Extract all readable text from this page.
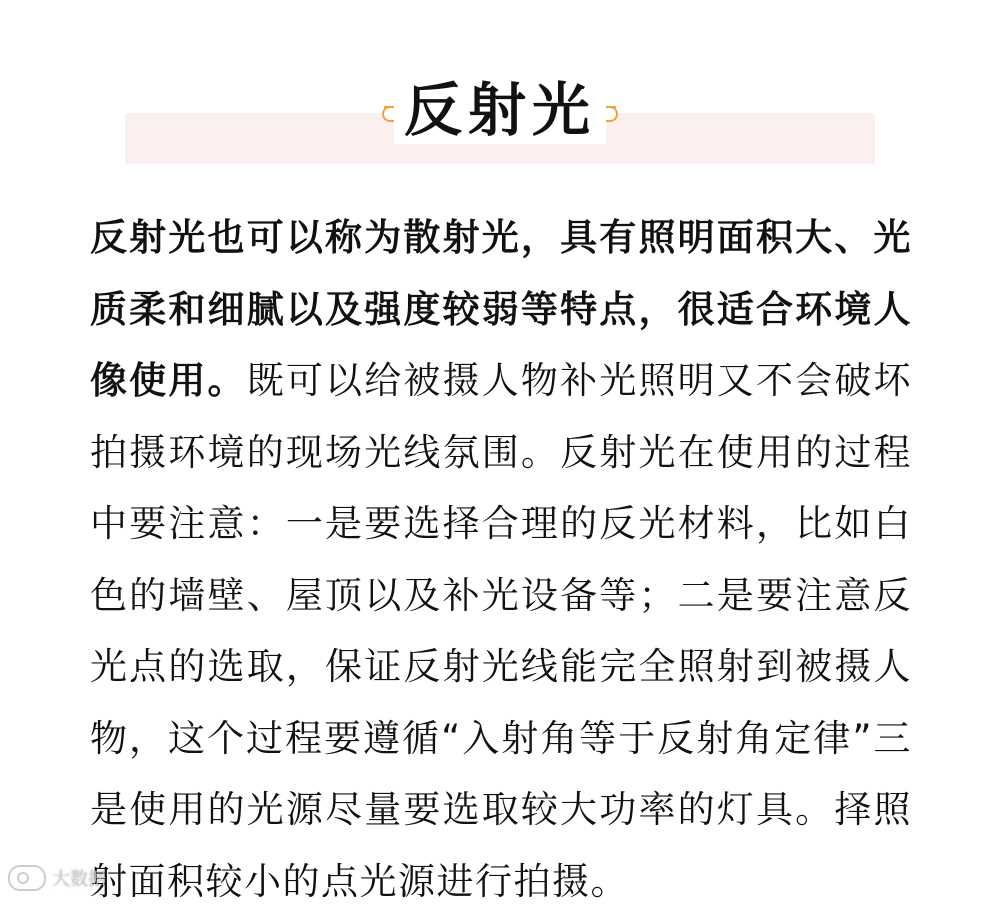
反射光
反射光也可以称为散射光，具有照明面积大、光质柔和细腻以及强度较弱等特点，很适合环境人像使用。既可以给被摄人物补光照明又不会破坏拍摄环境的现场光线氛围。反射光在使用的过程中要注意：一是要选择合理的反光材料，比如白色的墙壁、屋顶以及补光设备等；二是要注意反光点的选取，保证反射光线能完全照射到被摄人物，这个过程要遵循“入射角等于反射角定律”三是使用的光源尽量要选取较大功率的灯具。择照射面积较小的点光源进行拍摄。
大数据
